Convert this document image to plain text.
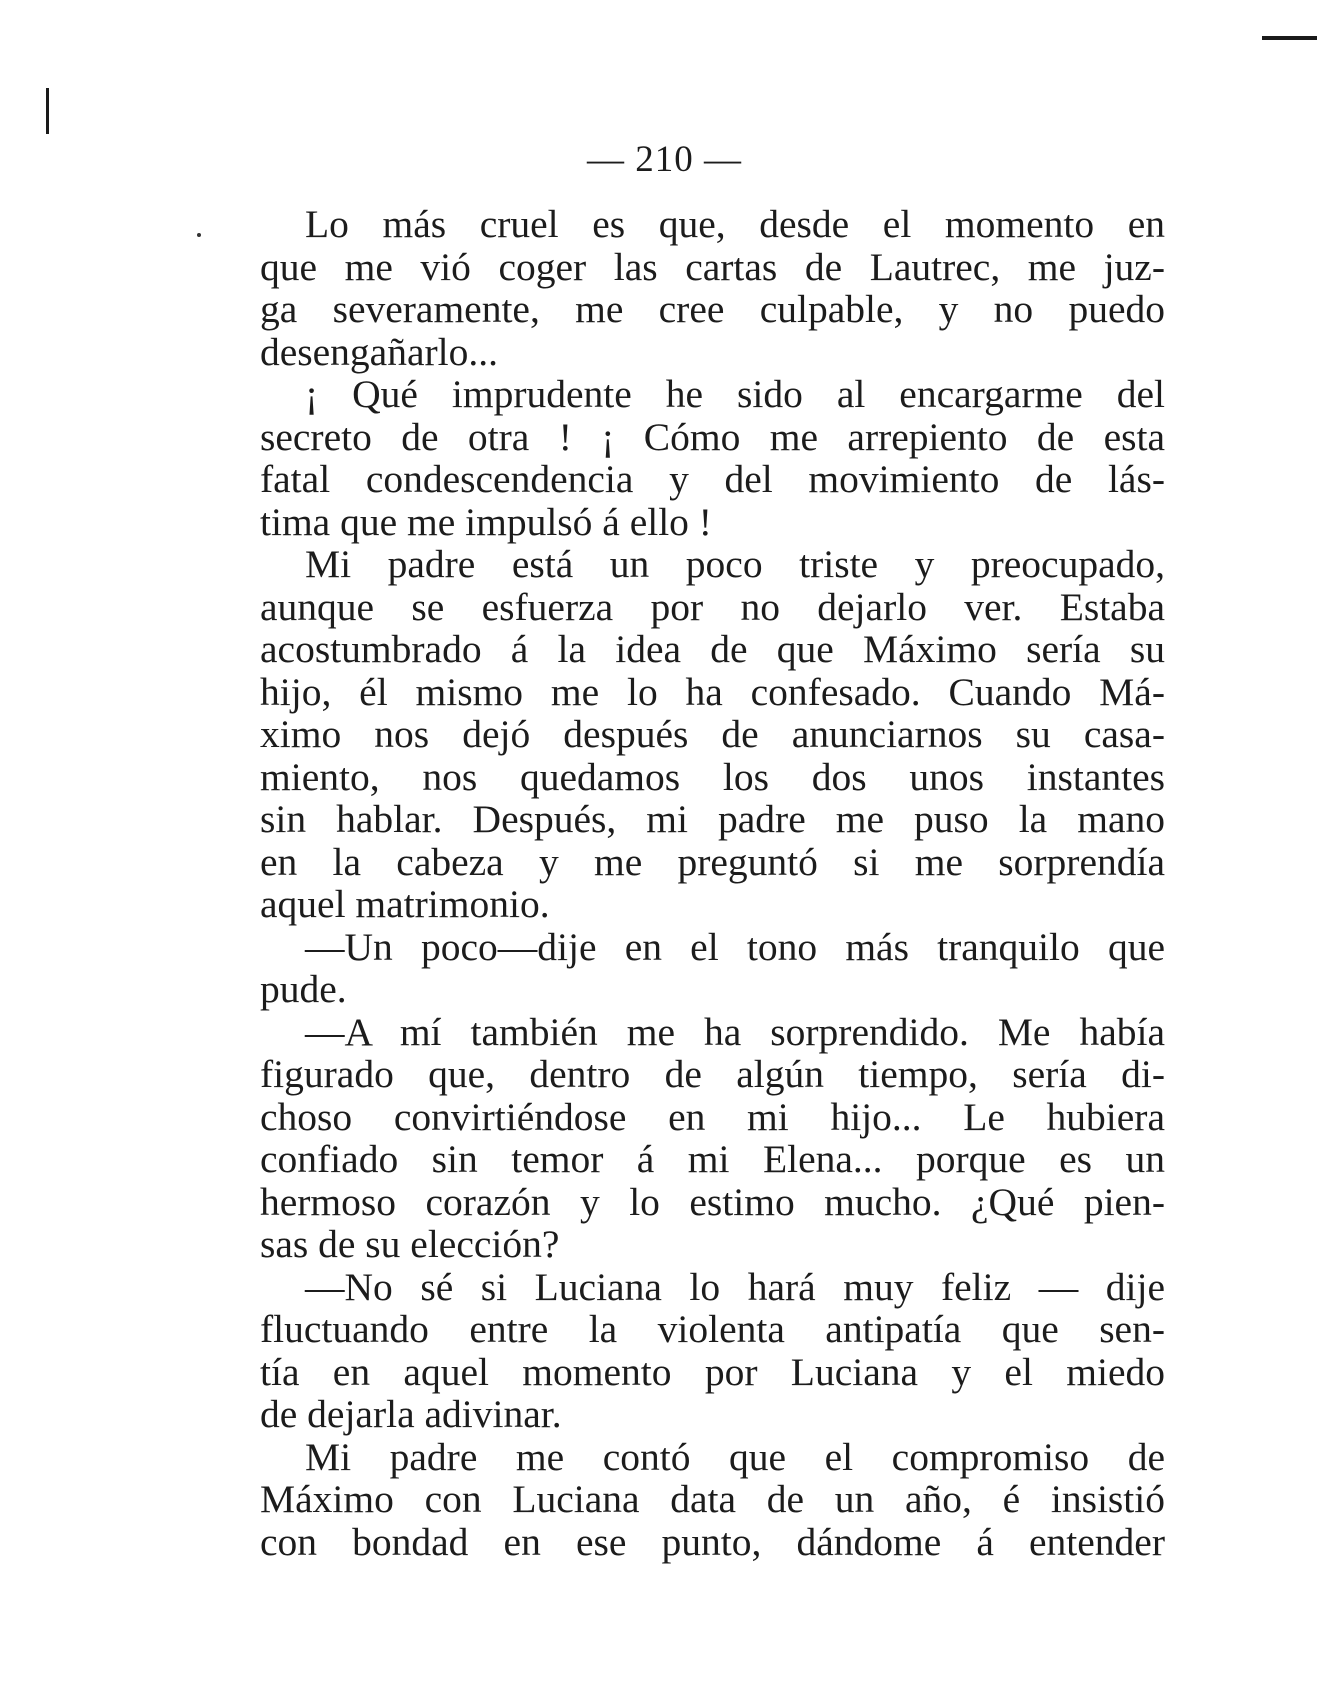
— 210 —
Lo más cruel es que, desde el momento en
que me vió coger las cartas de Lautrec, me juz-
ga severamente, me cree culpable, y no puedo
desengañarlo...
¡ Qué imprudente he sido al encargarme del
secreto de otra ! ¡ Cómo me arrepiento de esta
fatal condescendencia y del movimiento de lás-
tima que me impulsó á ello !
Mi padre está un poco triste y preocupado,
aunque se esfuerza por no dejarlo ver. Estaba
acostumbrado á la idea de que Máximo sería su
hijo, él mismo me lo ha confesado. Cuando Má-
ximo nos dejó después de anunciarnos su casa-
miento, nos quedamos los dos unos instantes
sin hablar. Después, mi padre me puso la mano
en la cabeza y me preguntó si me sorprendía
aquel matrimonio.
—Un poco—dije en el tono más tranquilo que
pude.
—A mí también me ha sorprendido. Me había
figurado que, dentro de algún tiempo, sería di-
choso convirtiéndose en mi hijo... Le hubiera
confiado sin temor á mi Elena... porque es un
hermoso corazón y lo estimo mucho. ¿Qué pien-
sas de su elección?
—No sé si Luciana lo hará muy feliz — dije
fluctuando entre la violenta antipatía que sen-
tía en aquel momento por Luciana y el miedo
de dejarla adivinar.
Mi padre me contó que el compromiso de
Máximo con Luciana data de un año, é insistió
con bondad en ese punto, dándome á entender
